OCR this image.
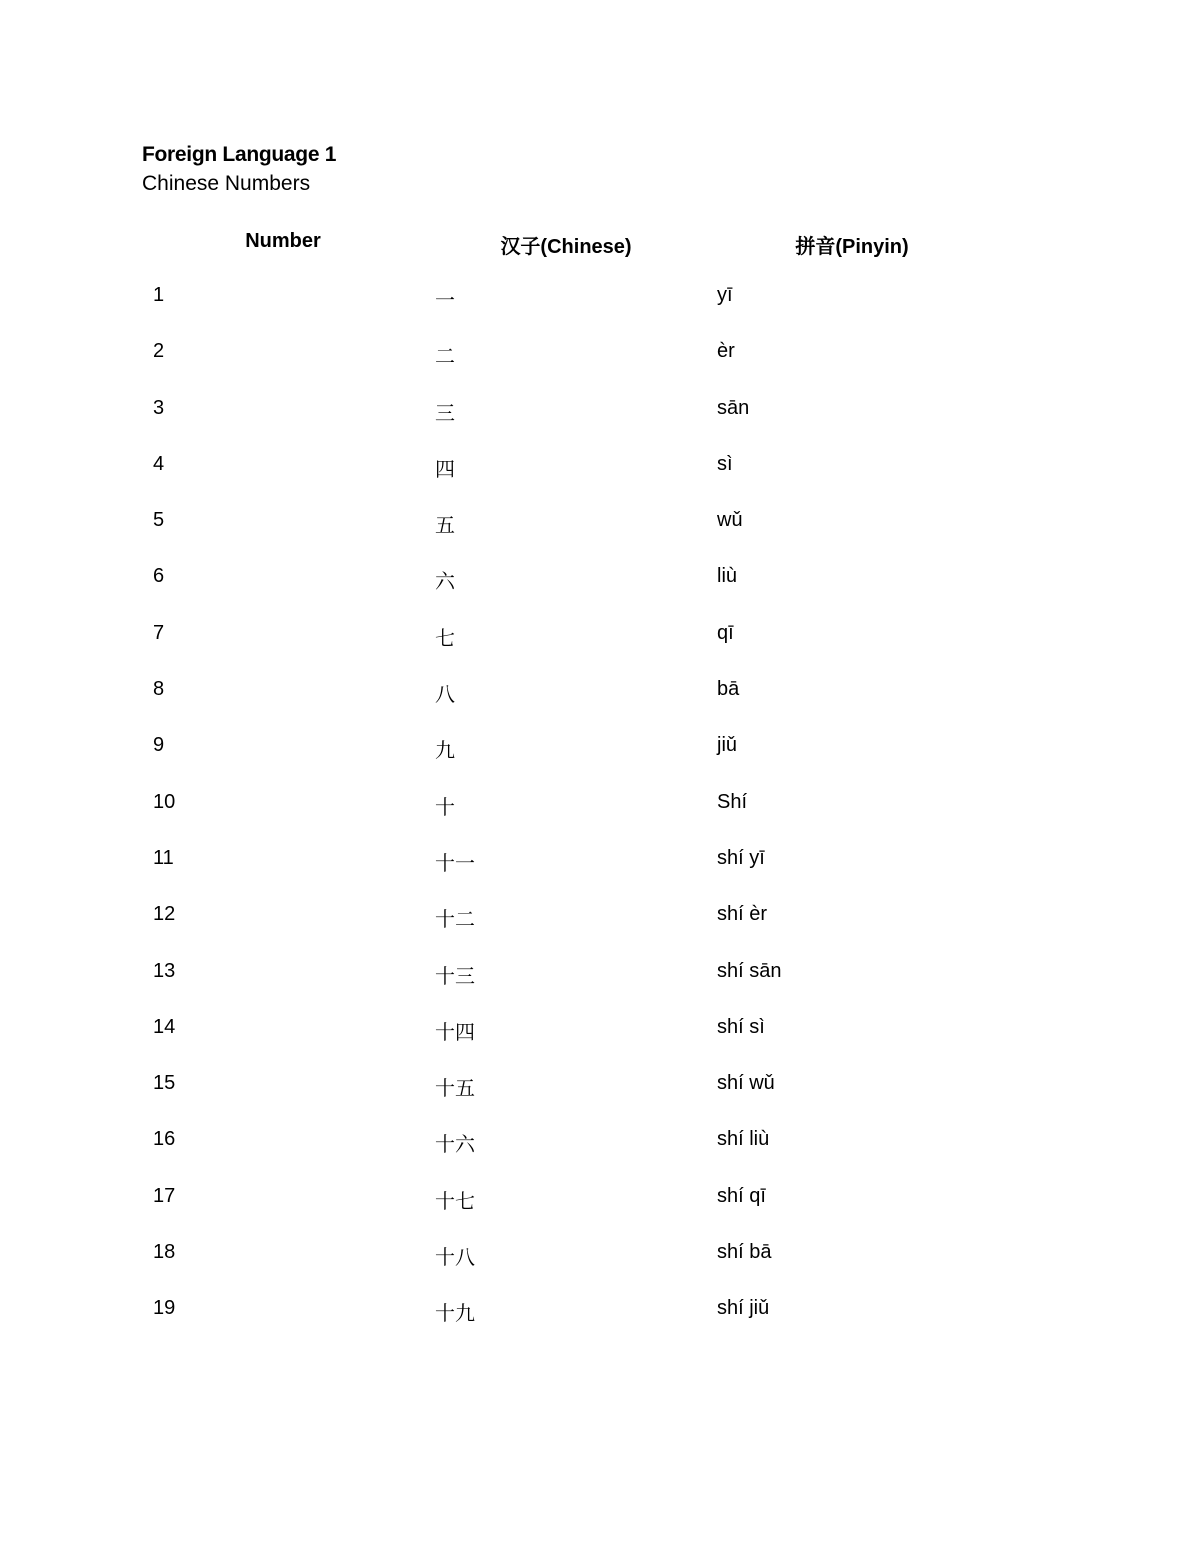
Foreign Language 1
Chinese Numbers
Number	汉子(Chinese)	拼音(Pinyin)
1	一	yī
2	二	èr
3	三	sān
4	四	sì
5	五	wǔ
6	六	liù
7	七	qī
8	八	bā
9	九	jiǔ
10	十	Shí
11	十一	shí yī
12	十二	shí èr
13	十三	shí sān
14	十四	shí sì
15	十五	shí wǔ
16	十六	shí liù
17	十七	shí qī
18	十八	shí bā
19	十九	shí jiǔ
